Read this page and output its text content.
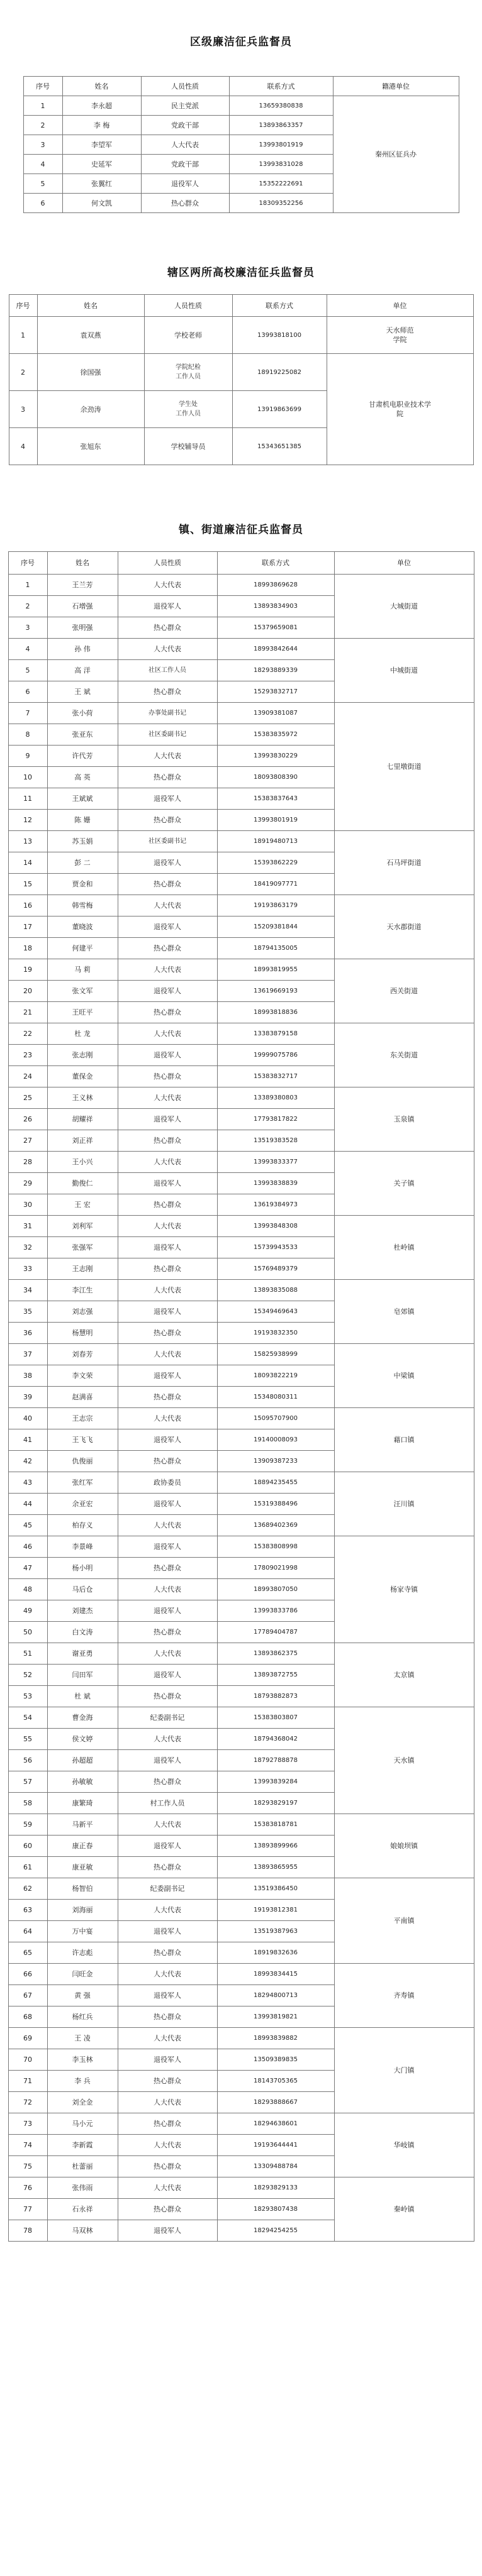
区级廉洁征兵监督员
序号	姓名	人员性质	联系方式	籍港单位
1	李永超	民主党派	13659380838	秦州区征兵办
2	李 梅	党政干部	13893863357	
3	李望军	人大代表	13993801919	
4	史延军	党政干部	13993831028	
5	张翼红	退役军人	15352222691	
6	何文凯	热心群众	18309352256	
辖区两所高校廉洁征兵监督员
序号	姓名	人员性质	联系方式	单位
1	袁双燕	学校老师	13993818100	天水师范
学院
2	徐国强	学院纪检
工作人员	18919225082	甘肃机电职业技术学
院
3	余劲涛	学生处
工作人员	13919863699	
4	张旭东	学校辅导员	15343651385	
镇、街道廉洁征兵监督员
序号	姓名	人员性质	联系方式	单位
1	王兰芳	人大代表	18993869628	大城街道
2	石增强	退役军人	13893834903	
3	张明强	热心群众	15379659081	
4	孙 伟	人大代表	18993842644	中城街道
5	高 洋	社区工作人员	18293889339	
6	王 斌	热心群众	15293832717	
7	张小荷	办事处副书记	13909381087	七里墩街道
8	张亚东	社区委副书记	15383835972	
9	许代芳	人大代表	13993830229	
10	高 英	热心群众	18093808390	
11	王斌斌	退役军人	15383837643	
12	陈 姗	热心群众	13993801919	
13	苏玉娟	社区委副书记	18919480713	石马坪街道
14	彭 二	退役军人	15393862229	
15	贾金和	热心群众	18419097771	
16	韩雪梅	人大代表	19193863179	天水郡街道
17	董晓波	退役军人	15209381844	
18	何建平	热心群众	18794135005	
19	马 莉	人大代表	18993819955	西关街道
20	张文军	退役军人	13619669193	
21	王旺平	热心群众	18993818836	
22	杜 龙	人大代表	13383879158	东关街道
23	张志刚	退役军人	19999075786	
24	董保金	热心群众	15383832717	
25	王义林	人大代表	13389380803	玉泉镇
26	胡耀祥	退役军人	17793817822	
27	刘正祥	热心群众	13519383528	
28	王小兴	人大代表	13993833377	关子镇
29	勤俊仁	退役军人	13993838839	
30	王 宏	热心群众	13619384973	
31	刘利军	人大代表	13993848308	杜岭镇
32	张强军	退役军人	15739943533	
33	王志刚	热心群众	15769489379	
34	李江生	人大代表	13893835088	皂郊镇
35	刘志强	退役军人	15349469643	
36	杨慧明	热心群众	19193832350	
37	刘春芳	人大代表	15825938999	中梁镇
38	李文荣	退役军人	18093822219	
39	赵满喜	热心群众	15348080311	
40	王志宗	人大代表	15095707900	藉口镇
41	王飞飞	退役军人	19140008093	
42	仇俊丽	热心群众	13909387233	
43	张红军	政协委员	18894235455	汪川镇
44	余亚宏	退役军人	15319388496	
45	柏存义	人大代表	13689402369	
46	李景峰	退役军人	15383808998	杨家寺镇
47	杨小明	热心群众	17809021998	
48	马后仓	人大代表	18993807050	
49	刘建杰	退役军人	13993833786	
50	白文涛	热心群众	17789404787	
51	谢亚勇	人大代表	13893862375	太京镇
52	闫田军	退役军人	13893872755	
53	杜 斌	热心群众	18793882873	
54	曹金海	纪委副书记	15383803807	天水镇
55	侯文婷	人大代表	18794368042	
56	孙超超	退役军人	18792788878	
57	孙敏敏	热心群众	13993839284	
58	康繁琦	村工作人员	18293829197	
59	马新平	人大代表	15383818781	娘娘坝镇
60	康正春	退役军人	13893899966	
61	康亚敏	热心群众	13893865955	
62	杨智伯	纪委副书记	13519386450	平南镇
63	刘海丽	人大代表	19193812381	
64	万中宴	退役军人	13519387963	
65	许志彪	热心群众	18919832636	
66	闫旺金	人大代表	18993834415	齐寿镇
67	黄 强	退役军人	18294800713	
68	杨红兵	热心群众	13993819821	
69	王 凌	人大代表	18993839882	大门镇
70	李玉林	退役军人	13509389835	
71	李 兵	热心群众	18143705365	
72	刘全金	人大代表	18293888667	
73	马小元	热心群众	18294638601	华岐镇
74	李新霞	人大代表	19193644441	
75	杜蕾丽	热心群众	13309488784	
76	张伟雨	人大代表	18293829133	秦岭镇
77	石永祥	热心群众	18293807438	
78	马双林	退役军人	18294254255	
